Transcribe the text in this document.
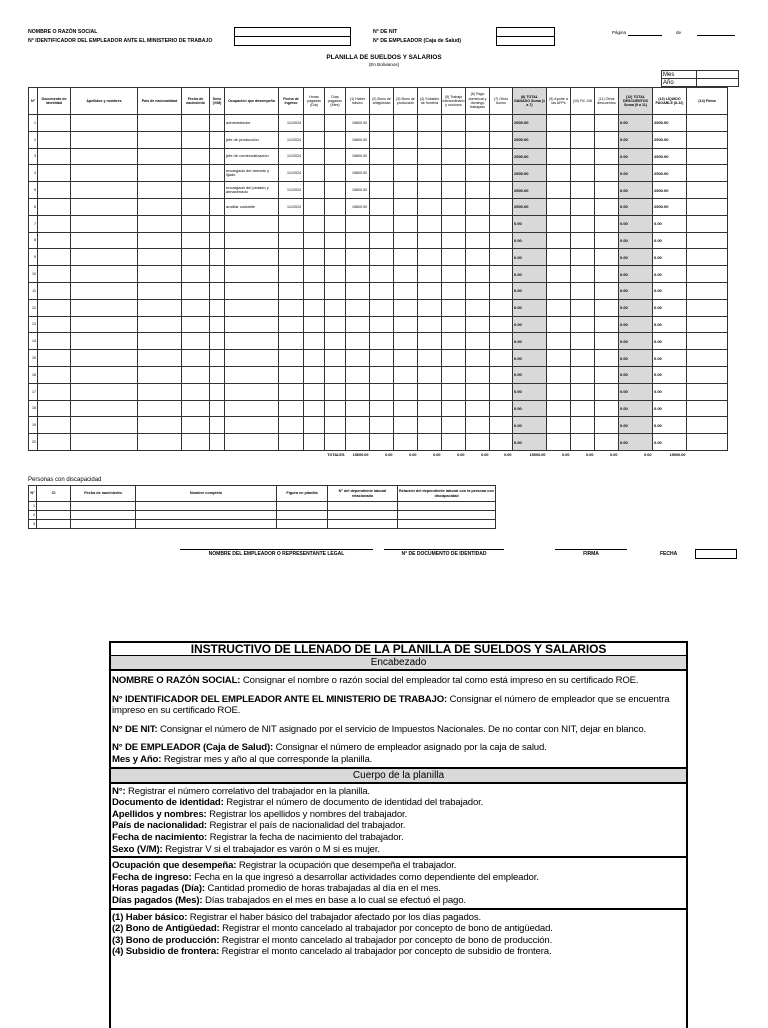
NOMBRE O RAZÓN SOCIAL
N° IDENTIFICADOR DEL EMPLEADOR ANTE EL MINISTERIO DE TRABAJO
N° DE NIT
N° DE EMPLEADOR (Caja de Salud)
Página	de
PLANILLA DE SUELDOS Y SALARIOS
(En Bolivianos)
Mes	
Año	
N°	Documento de identidad	Apellidos y nombres	País de nacionalidad	Fecha de nacimiento	Sexo (V/M)	Ocupación que desempeña	Fecha de ingreso	Horas pagadas (Día)	Días pagados (Mes)	(1) Haber básico	(2) Bono de antigüedad	(3) Bono de producción	(4) Subsidio de frontera	(5) Trabajo extraordinario y nocturno	(6) Pago dominical y domingo trabajado	(7) Otros bonos	(8) TOTAL GANADO Suma (1 a 7)	(9) Aporte a las AFPs	(10) RC-IVA	(11) Otros descuentos	(12) TOTAL DESCUENTOS Suma (9 a 11)	(13) LÍQUIDO PAGABLE (8-12)	(14) Firma
1						administrador	1/1/2024			15600.00							2500.00				0.00	2500.00	
2						jefe de producción	1/1/2024			15600.00							2500.00				0.00	2500.00	
3						jefe de comercialización	1/1/2024			15600.00							2500.00				0.00	2500.00	
4						encargado del armado y lijado	1/1/2024			15600.00							2500.00				0.00	2500.00	
5						encargado del pintado y almacenado	1/1/2024			15600.00							2500.00				0.00	2500.00	
6						auxiliar contable	1/1/2024			15600.00							2500.00				0.00	2500.00	
7																	0.00				0.00	0.00	
8																	0.00				0.00	0.00	
9																	0.00				0.00	0.00	
10																	0.00				0.00	0.00	
11																	0.00				0.00	0.00	
12																	0.00				0.00	0.00	
13																	0.00				0.00	0.00	
14																	0.00				0.00	0.00	
15																	0.00				0.00	0.00	
16																	0.00				0.00	0.00	
17																	0.00				0.00	0.00	
18																	0.00				0.00	0.00	
19																	0.00				0.00	0.00	
20																	0.00				0.00	0.00	
TOTALES										15600.00	0.00	0.00	0.00	0.00	0.00	0.00	15000.00	0.00	0.00	0.00	0.00	15000.00	
Personas con discapacidad
N°	CI	Fecha de nacimiento	Nombre completo	Figura en planilla	N° del dependiente laboral relacionado	Relación del dependiente laboral con la persona con discapacidad
1						
2						
3						
NOMBRE DEL EMPLEADOR O REPRESENTANTE LEGAL	N° DE DOCUMENTO DE IDENTIDAD	FIRMA	FECHA
INSTRUCTIVO DE LLENADO DE LA PLANILLA DE SUELDOS Y SALARIOS
Encabezado

NOMBRE O RAZÓN SOCIAL: Consignar el nombre o razón social del empleador tal como está impreso en su certificado ROE.

N° IDENTIFICADOR DEL EMPLEADOR ANTE EL MINISTERIO DE TRABAJO: Consignar el número de empleador que se encuentra impreso en su certificado ROE.

N° DE NIT: Consignar el número de NIT asignado por el servicio de Impuestos Nacionales. De no contar con NIT, dejar en blanco.

N° DE EMPLEADOR (Caja de Salud): Consignar el número de empleador asignado por la caja de salud.

Mes y Año: Registrar mes y año al que corresponde la planilla.

Cuerpo de la planilla

N°: Registrar el número correlativo del trabajador en la planilla.

Documento de identidad: Registrar el número de documento de identidad del trabajador.

Apellidos y nombres: Registrar los apellidos y nombres del trabajador.

País de nacionalidad: Registrar el país de nacionalidad del trabajador.

Fecha de nacimiento: Registrar la fecha de nacimiento del trabajador.

Sexo (V/M): Registrar V si el trabajador es varón o M si es mujer.

Ocupación que desempeña: Registrar la ocupación que desempeña el trabajador.

Fecha de ingreso: Fecha en la que ingresó a desarrollar actividades como dependiente del empleador.

Horas pagadas (Día): Cantidad promedio de horas trabajadas al día en el mes.

Días pagados (Mes): Días trabajados en el mes en base a lo cual se efectuó el pago.

(1) Haber básico: Registrar el haber básico del trabajador afectado por los días pagados.

(2) Bono de Antigüedad: Registrar el monto cancelado al trabajador por concepto de bono de antigüedad.

(3) Bono de producción: Registrar el monto cancelado al trabajador por concepto de bono de producción.

(4) Subsidio de frontera: Registrar el monto cancelado al trabajador por concepto de subsidio de frontera.
